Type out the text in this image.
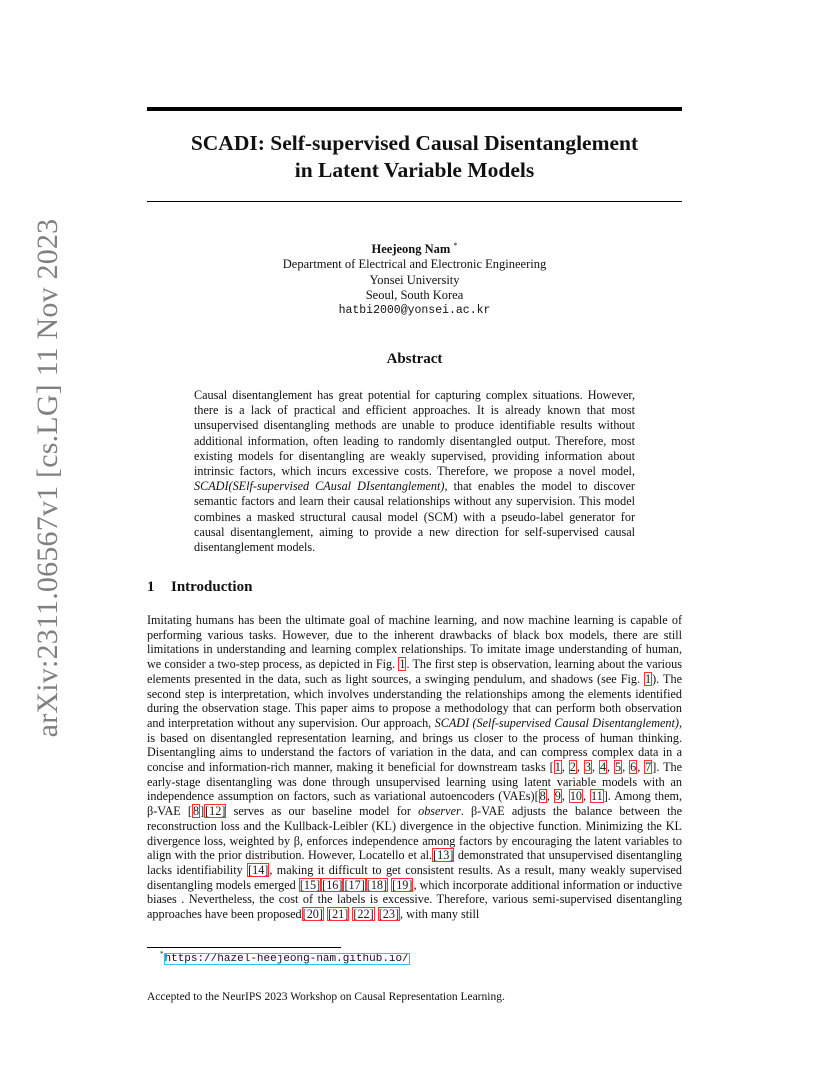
arXiv:2311.06567v1 [cs.LG] 11 Nov 2023
SCADI: Self-supervised Causal Disentanglement
in Latent Variable Models
Heejeong Nam *
Department of Electrical and Electronic Engineering
Yonsei University
Seoul, South Korea
hatbi2000@yonsei.ac.kr
Abstract

Causal disentanglement has great potential for capturing complex situations. However, there is a lack of practical and efficient approaches. It is already known that most unsupervised disentangling methods are unable to produce identifiable results without additional information, often leading to randomly disentangled output. Therefore, most existing models for disentangling are weakly supervised, providing information about intrinsic factors, which incurs excessive costs. Therefore, we propose a novel model, SCADI(SElf-supervised CAusal DIsentanglement), that enables the model to discover semantic factors and learn their causal relationships without any supervision. This model combines a masked structural causal model (SCM) with a pseudo-label generator for causal disentanglement, aiming to provide a new direction for self-supervised causal disentanglement models.

1 Introduction

Imitating humans has been the ultimate goal of machine learning, and now machine learning is capable of performing various tasks. However, due to the inherent drawbacks of black box models, there are still limitations in understanding and learning complex relationships. To imitate image understanding of human, we consider a two-step process, as depicted in Fig. 1. The first step is observation, learning about the various elements presented in the data, such as light sources, a swinging pendulum, and shadows (see Fig. 1). The second step is interpretation, which involves understanding the relationships among the elements identified during the observation stage. This paper aims to propose a methodology that can perform both observation and interpretation without any supervision. Our approach, SCADI (Self-supervised Causal Disentanglement), is based on disentangled representation learning, and brings us closer to the process of human thinking. Disentangling aims to understand the factors of variation in the data, and can compress complex data in a concise and information-rich manner, making it beneficial for downstream tasks [1, 2, 3, 4, 5, 6, 7]. The early-stage disentangling was done through unsupervised learning using latent variable models with an independence assumption on factors, such as variational autoencoders (VAEs)[8, 9, 10, 11]. Among them, β-VAE [8][12] serves as our baseline model for observer. β-VAE adjusts the balance between the reconstruction loss and the Kullback-Leibler (KL) divergence in the objective function. Minimizing the KL divergence loss, weighted by β, enforces independence among factors by encouraging the latent variables to align with the prior distribution. However, Locatello et al.[13] demonstrated that unsupervised disentangling lacks identifiability [14], making it difficult to get consistent results. As a result, many weakly supervised disentangling models emerged [15] [16] [17] [18] [19], which incorporate additional information or inductive biases . Nevertheless, the cost of the labels is excessive. Therefore, various semi-supervised disentangling approaches have been proposed[20] [21] [22] [23], with many still

*https://hazel-heejeong-nam.github.io/
Accepted to the NeurIPS 2023 Workshop on Causal Representation Learning.
